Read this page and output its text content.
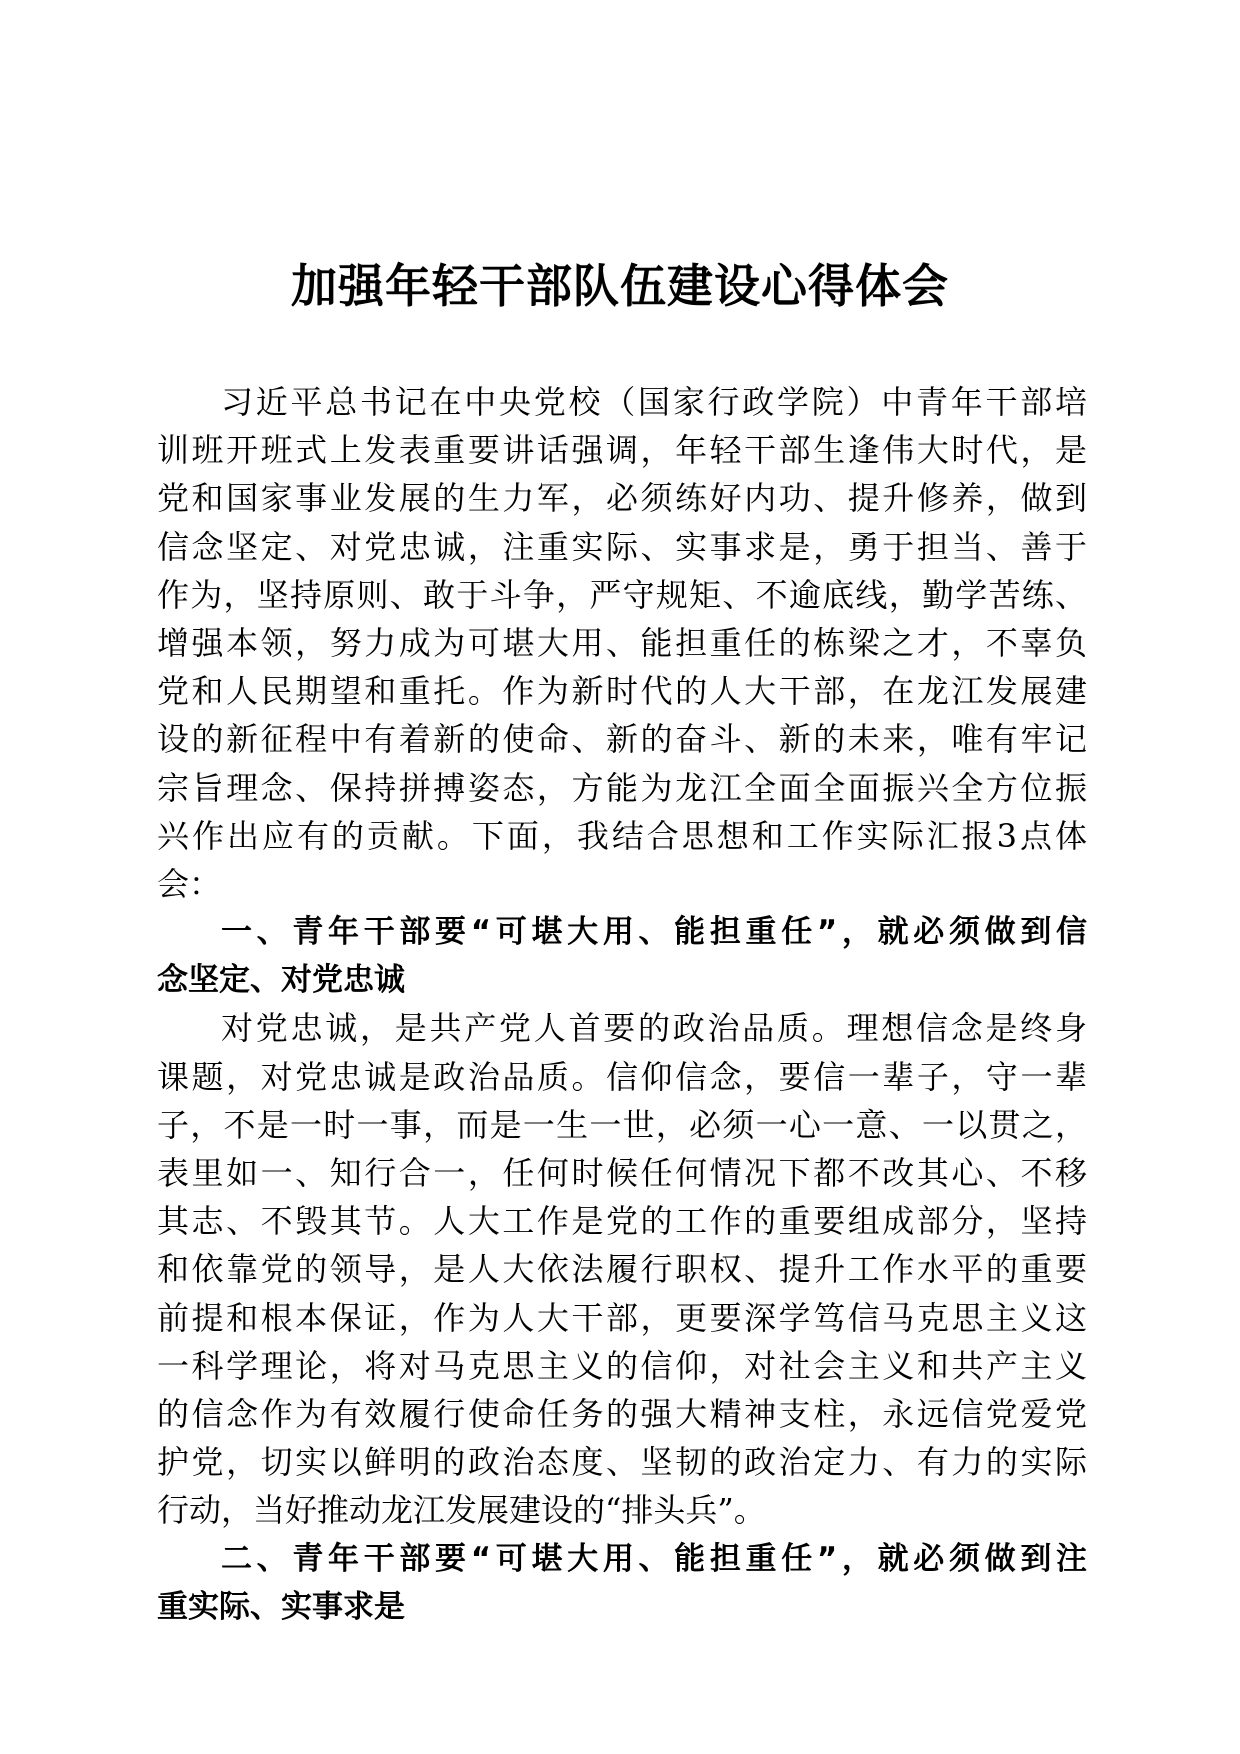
加强年轻干部队伍建设心得体会
习近平总书记在中央党校（国家行政学院）中青年干部培
训班开班式上发表重要讲话强调，年轻干部生逢伟大时代，是
党和国家事业发展的生力军，必须练好内功、提升修养，做到
信念坚定、对党忠诚，注重实际、实事求是，勇于担当、善于
作为，坚持原则、敢于斗争，严守规矩、不逾底线，勤学苦练、
增强本领，努力成为可堪大用、能担重任的栋梁之才，不辜负
党和人民期望和重托。作为新时代的人大干部，在龙江发展建
设的新征程中有着新的使命、新的奋斗、新的未来，唯有牢记
宗旨理念、保持拼搏姿态，方能为龙江全面全面振兴全方位振
兴作出应有的贡献。下面，我结合思想和工作实际汇报3点体
会：
一、青年干部要“可堪大用、能担重任”，就必须做到信
念坚定、对党忠诚
对党忠诚，是共产党人首要的政治品质。理想信念是终身
课题，对党忠诚是政治品质。信仰信念，要信一辈子，守一辈
子，不是一时一事，而是一生一世，必须一心一意、一以贯之，
表里如一、知行合一，任何时候任何情况下都不改其心、不移
其志、不毁其节。人大工作是党的工作的重要组成部分，坚持
和依靠党的领导，是人大依法履行职权、提升工作水平的重要
前提和根本保证，作为人大干部，更要深学笃信马克思主义这
一科学理论，将对马克思主义的信仰，对社会主义和共产主义
的信念作为有效履行使命任务的强大精神支柱，永远信党爱党
护党，切实以鲜明的政治态度、坚韧的政治定力、有力的实际
行动，当好推动龙江发展建设的“排头兵”。
二、青年干部要“可堪大用、能担重任”，就必须做到注
重实际、实事求是
